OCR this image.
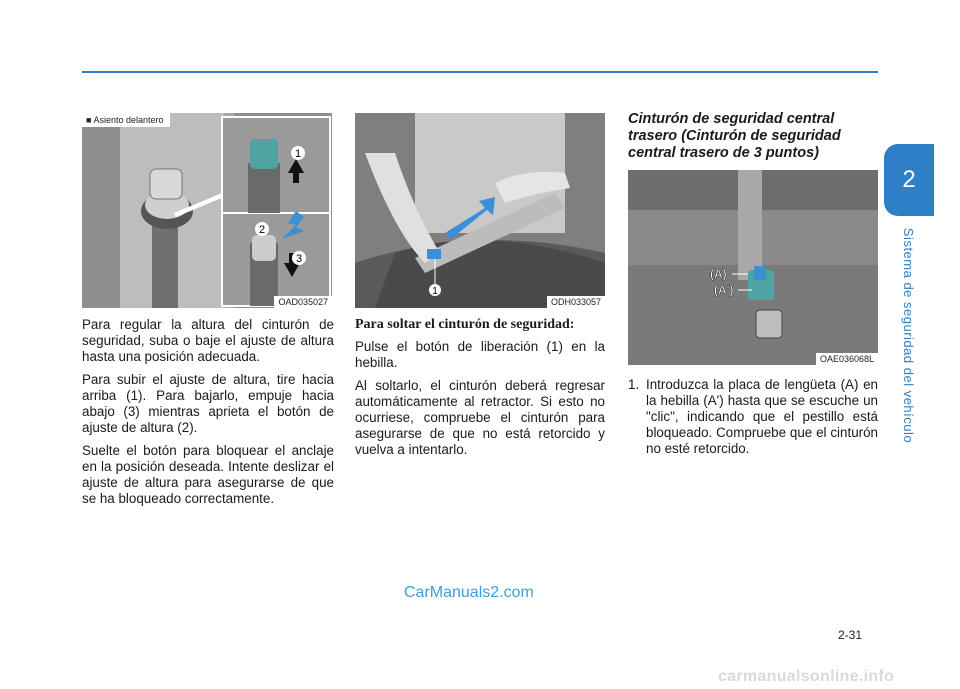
2
Sistema de seguridad del vehículo
1
2
3
■ Asiento delantero
OAD035027
1
ODH033057
(A)
(A')
OAE036068L

Para regular la altura del cinturón de seguridad, suba o baje el ajuste de altura hasta una posición adecuada.

Para subir el ajuste de altura, tire hacia arriba (1). Para bajarlo, empuje hacia abajo (3) mientras aprieta el botón de ajuste de altura (2).

Suelte el botón para bloquear el anclaje en la posición deseada. Intente deslizar el ajuste de altura para asegurarse de que se ha bloqueado correctamente.

Para soltar el cinturón de seguridad:

Pulse el botón de liberación (1) en la hebilla.

Al soltarlo, el cinturón deberá regresar automáticamente al retractor. Si esto no ocurriese, compruebe el cinturón para asegurarse de que no está retorcido y vuelva a intentarlo.

Cinturón de seguridad central trasero (Cinturón de seguridad central trasero de 3 puntos)
1. Introduzca la placa de lengüeta (A) en la hebilla (A') hasta que se escuche un "clic", indicando que el pestillo está bloqueado. Compruebe que el cinturón no esté retorcido.
CarManuals2.com
2-31
carmanualsonline.info
